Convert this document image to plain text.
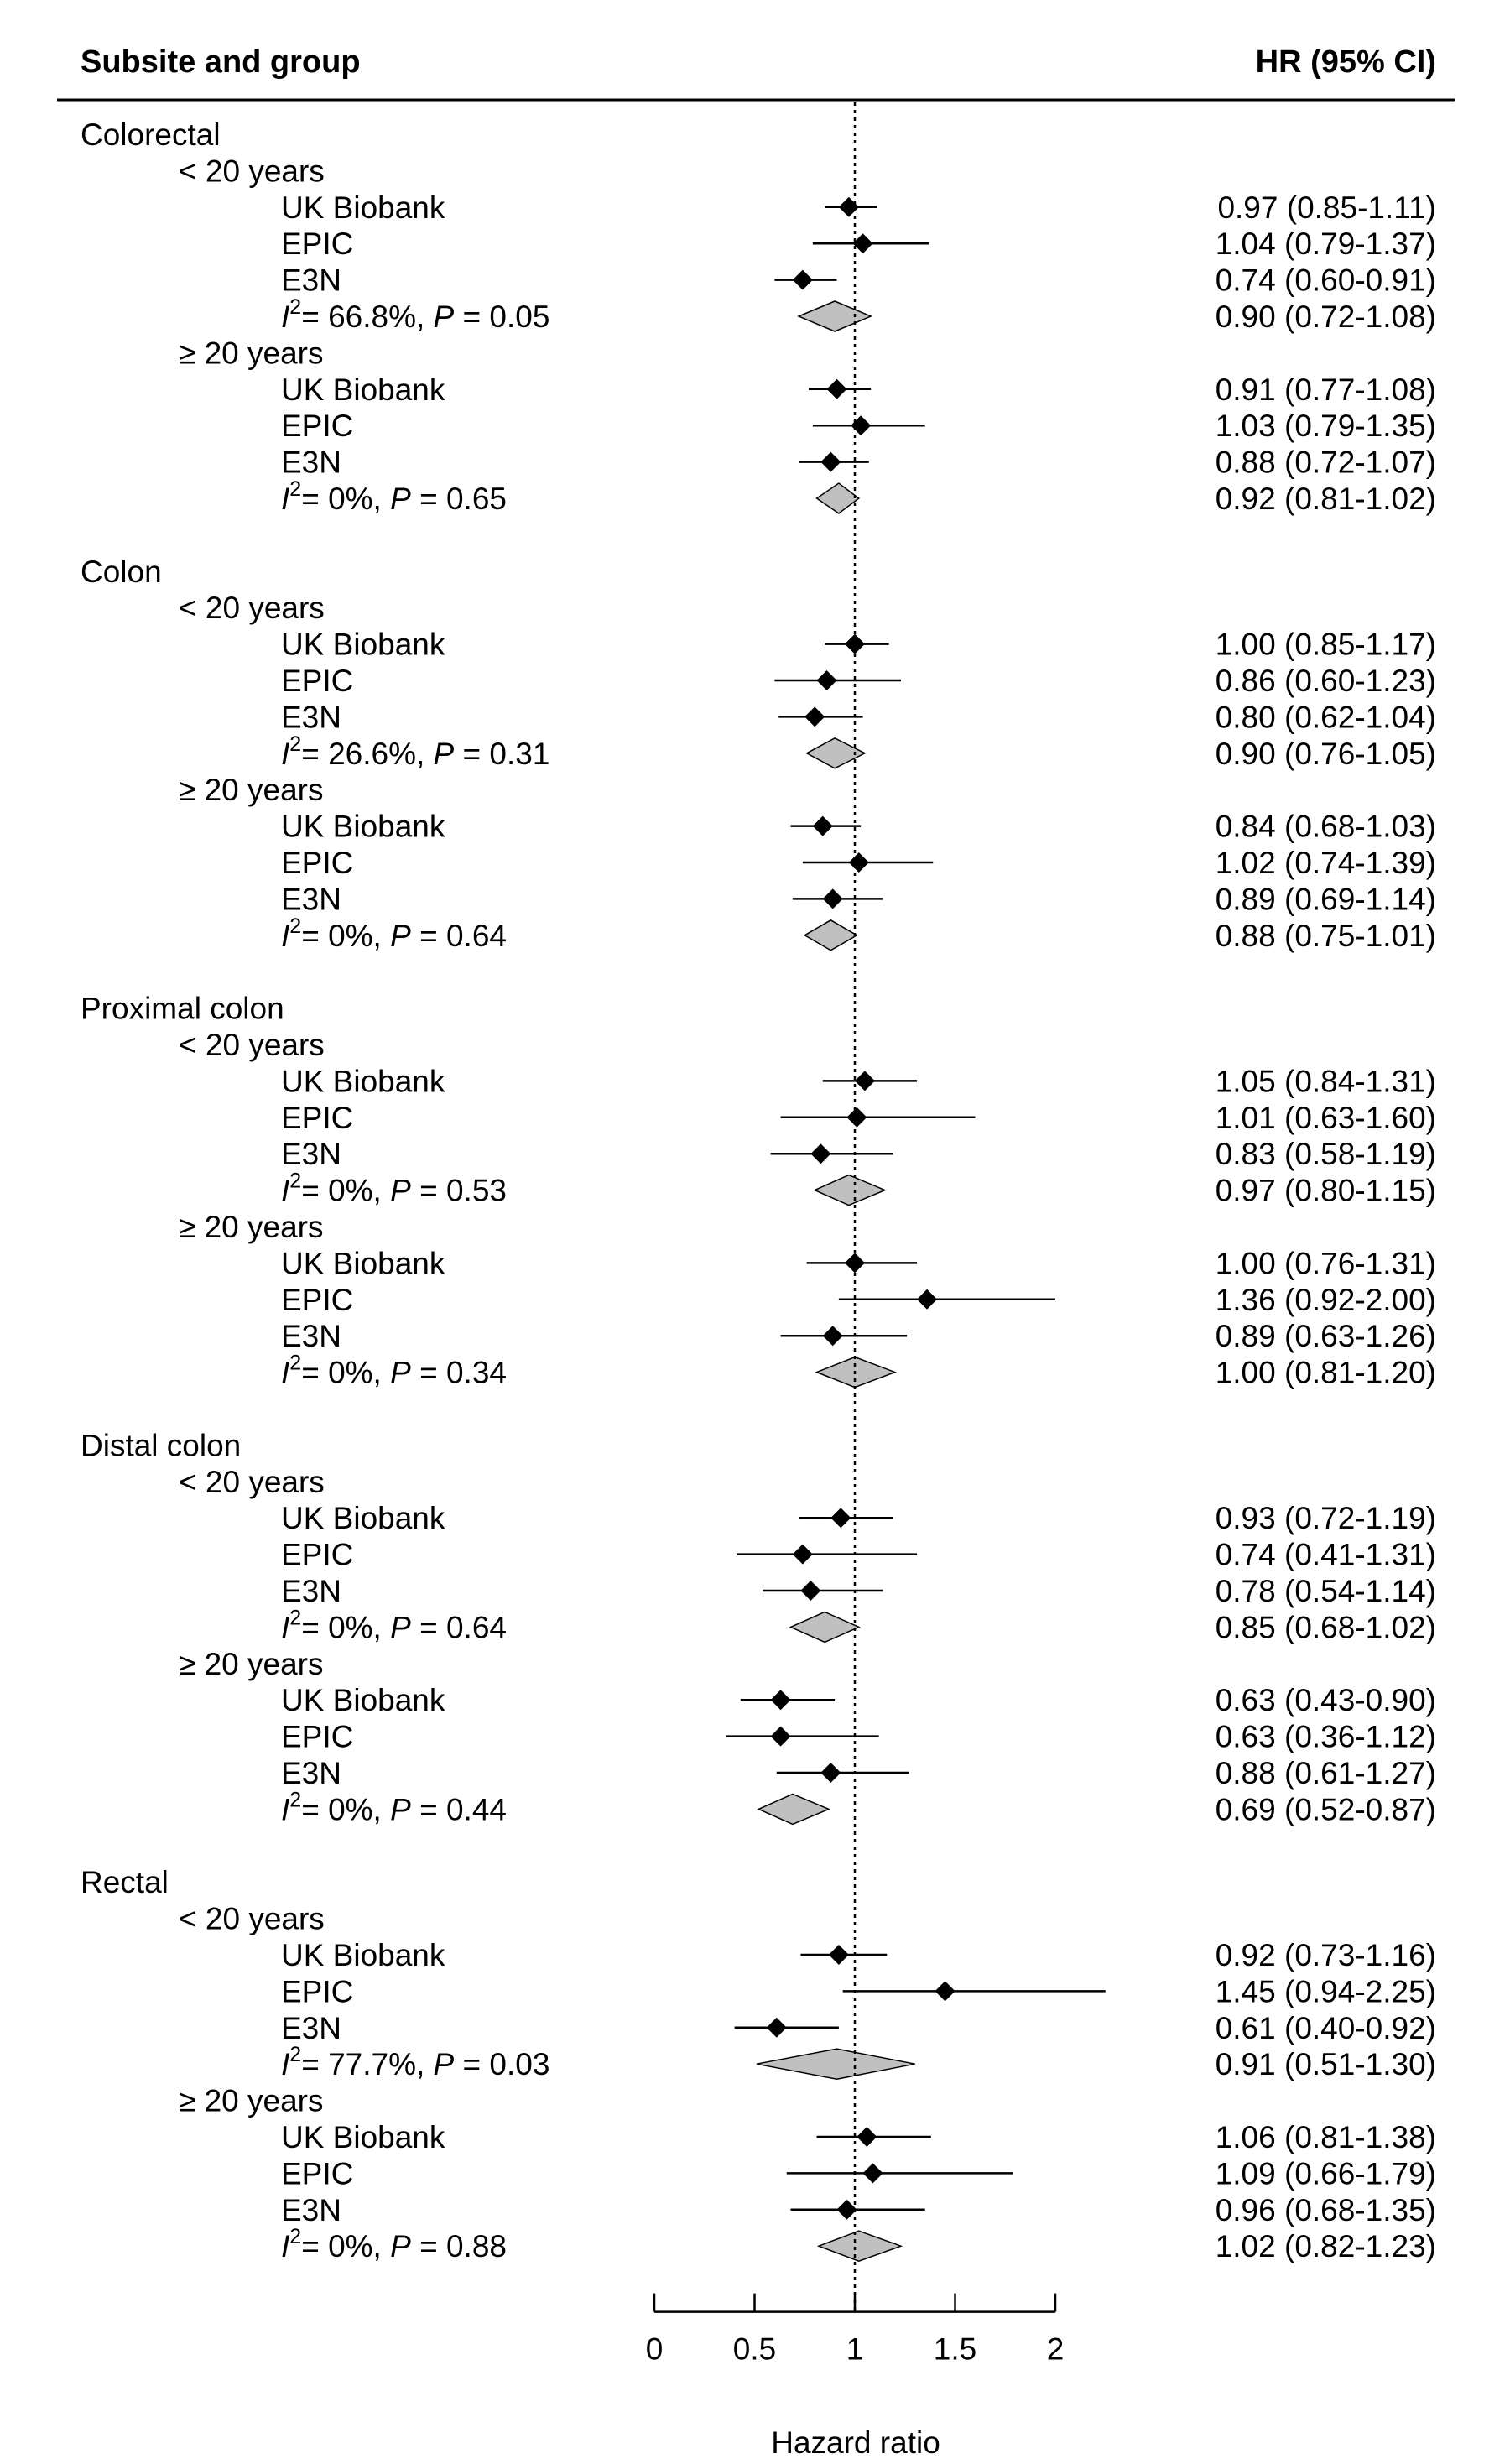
Subsite and group	HR (95% CI)
Colorectal
< 20 years
UK Biobank	0.97 (0.85-1.11)
EPIC	1.04 (0.79-1.37)
E3N	0.74 (0.60-0.91)
$I^2= 66.8\%$, P = 0.05	0.90 (0.72-1.08)
≥ 20 years
UK Biobank	0.91 (0.77-1.08)
EPIC	1.03 (0.79-1.35)
E3N	0.88 (0.72-1.07)
$I^2= 0\%$, P = 0.65	0.92 (0.81-1.02)
Colon
< 20 years
UK Biobank	1.00 (0.85-1.17)
EPIC	0.86 (0.60-1.23)
E3N	0.80 (0.62-1.04)
$I^2= 26.6\%$, P = 0.31	0.90 (0.76-1.05)
≥ 20 years
UK Biobank	0.84 (0.68-1.03)
EPIC	1.02 (0.74-1.39)
E3N	0.89 (0.69-1.14)
$I^2= 0\%$, P = 0.64	0.88 (0.75-1.01)
Proximal colon
< 20 years
UK Biobank	1.05 (0.84-1.31)
EPIC	1.01 (0.63-1.60)
E3N	0.83 (0.58-1.19)
$I^2= 0\%$, P = 0.53	0.97 (0.80-1.15)
≥ 20 years
UK Biobank	1.00 (0.76-1.31)
EPIC	1.36 (0.92-2.00)
E3N	0.89 (0.63-1.26)
$I^2= 0\%$, P = 0.34	1.00 (0.81-1.20)
Distal colon
< 20 years
UK Biobank	0.93 (0.72-1.19)
EPIC	0.74 (0.41-1.31)
E3N	0.78 (0.54-1.14)
$I^2= 0\%$, P = 0.64	0.85 (0.68-1.02)
≥ 20 years
UK Biobank	0.63 (0.43-0.90)
EPIC	0.63 (0.36-1.12)
E3N	0.88 (0.61-1.27)
$I^2= 0\%$, P = 0.44	0.69 (0.52-0.87)
Rectal
< 20 years
UK Biobank	0.92 (0.73-1.16)
EPIC	1.45 (0.94-2.25)
E3N	0.61 (0.40-0.92)
$I^2= 77.7\%$, P = 0.03	0.91 (0.51-1.30)
≥ 20 years
UK Biobank	1.06 (0.81-1.38)
EPIC	1.09 (0.66-1.79)
E3N	0.96 (0.68-1.35)
$I^2= 0\%$, P = 0.88	1.02 (0.82-1.23)
0 0.5 1 1.5 2
Hazard ratio
